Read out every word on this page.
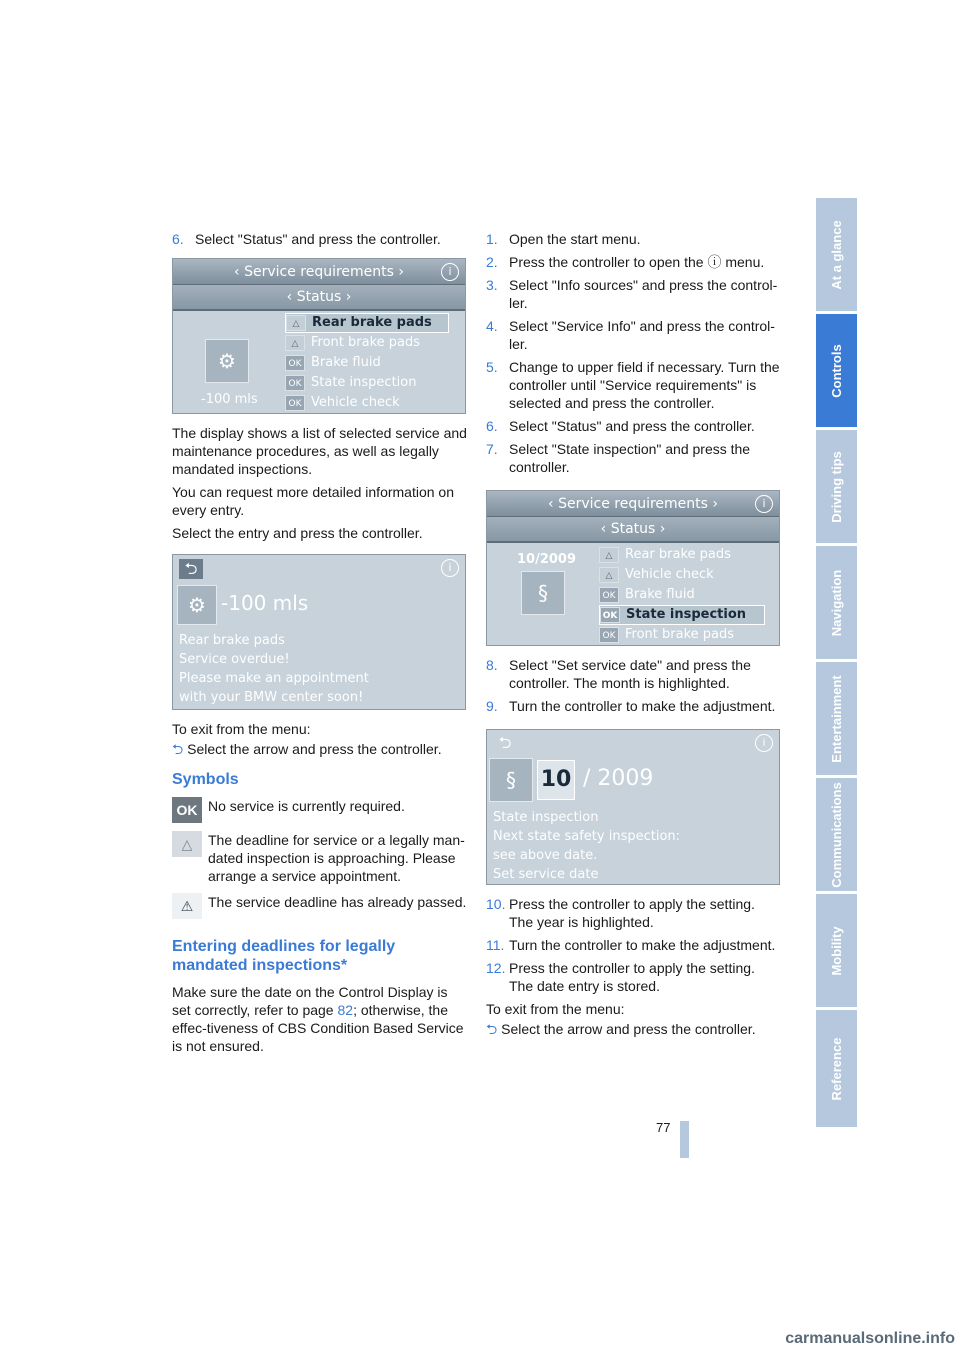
6. Select "Status" and press the controller.
‹ Service requirements ›	i
‹ Status ›
⚙
-100 mls
△ Rear brake pads
△ Front brake pads
OK Brake fluid
OK State inspection
OK Vehicle check

The display shows a list of selected service and maintenance procedures, as well as legally mandated inspections.

You can request more detailed information on every entry.

Select the entry and press the controller.

⮌	i
⚙ -100 mls
Rear brake pads
Service overdue!
Please make an appointment
with your BMW center soon!

To exit from the menu:

⮌ Select the arrow and press the controller.

Symbols
OK No service is currently required.
△	The deadline for service or a legally man-dated inspection is approaching. Please arrange a service appointment.
⚠	The service deadline has already passed.
Entering deadlines for legally mandated inspections*

Make sure the date on the Control Display is set correctly, refer to page 82; otherwise, the effec-tiveness of CBS Condition Based Service is not ensured.

1. Open the start menu.
2. Press the controller to open the ⓘ menu.
3. Select "Info sources" and press the control-ler.
4. Select "Service Info" and press the control-ler.
5. Change to upper field if necessary. Turn the controller until "Service requirements" is selected and press the controller.
6. Select "Status" and press the controller.
7. Select "State inspection" and press the controller.
‹ Service requirements ›	i
‹ Status ›
10/2009
§
△ Rear brake pads
△ Vehicle check
OK Brake fluid
OK State inspection
OK Front brake pads
8. Select "Set service date" and press the controller. The month is highlighted.
9. Turn the controller to make the adjustment.
⮌	i
§	10 / 2009
State inspection
Next state safety inspection:
see above date.
Set service date
10. Press the controller to apply the setting. The year is highlighted.
11. Turn the controller to make the adjustment.
12. Press the controller to apply the setting. The date entry is stored.

To exit from the menu:

⮌ Select the arrow and press the controller.

At a glance
Controls
Driving tips
Navigation
Entertainment
Communications
Mobility
Reference
77
carmanualsonline.info
